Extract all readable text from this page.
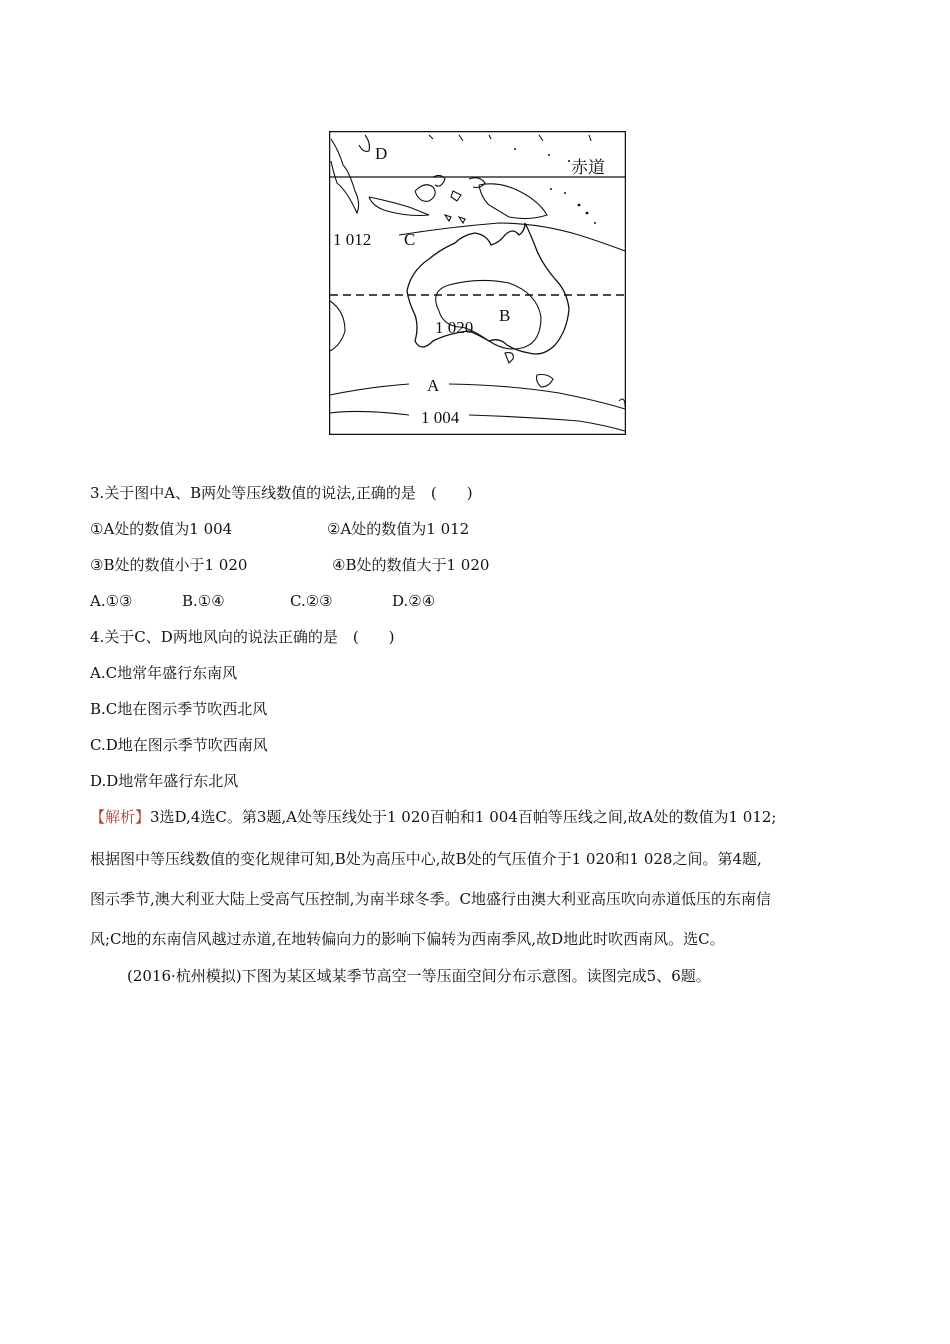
D
赤道
C
B
A
1 012
1 020
1 004
3.关于图中A、B两处等压线数值的说法,正确的是　(　　)
①A处的数值为1 004	②A处的数值为1 012
③B处的数值小于1 020	④B处的数值大于1 020
A.①③	B.①④	C.②③	D.②④
4.关于C、D两地风向的说法正确的是　(　　)
A.C地常年盛行东南风
B.C地在图示季节吹西北风
C.D地在图示季节吹西南风
D.D地常年盛行东北风
【解析】3选D,4选C。第3题,A处等压线处于1 020百帕和1 004百帕等压线之间,故A处的数值为1 012;
根据图中等压线数值的变化规律可知,B处为高压中心,故B处的气压值介于1 020和1 028之间。第4题,
图示季节,澳大利亚大陆上受高气压控制,为南半球冬季。C地盛行由澳大利亚高压吹向赤道低压的东南信
风;C地的东南信风越过赤道,在地转偏向力的影响下偏转为西南季风,故D地此时吹西南风。选C。
(2016·杭州模拟)下图为某区域某季节高空一等压面空间分布示意图。读图完成5、6题。
